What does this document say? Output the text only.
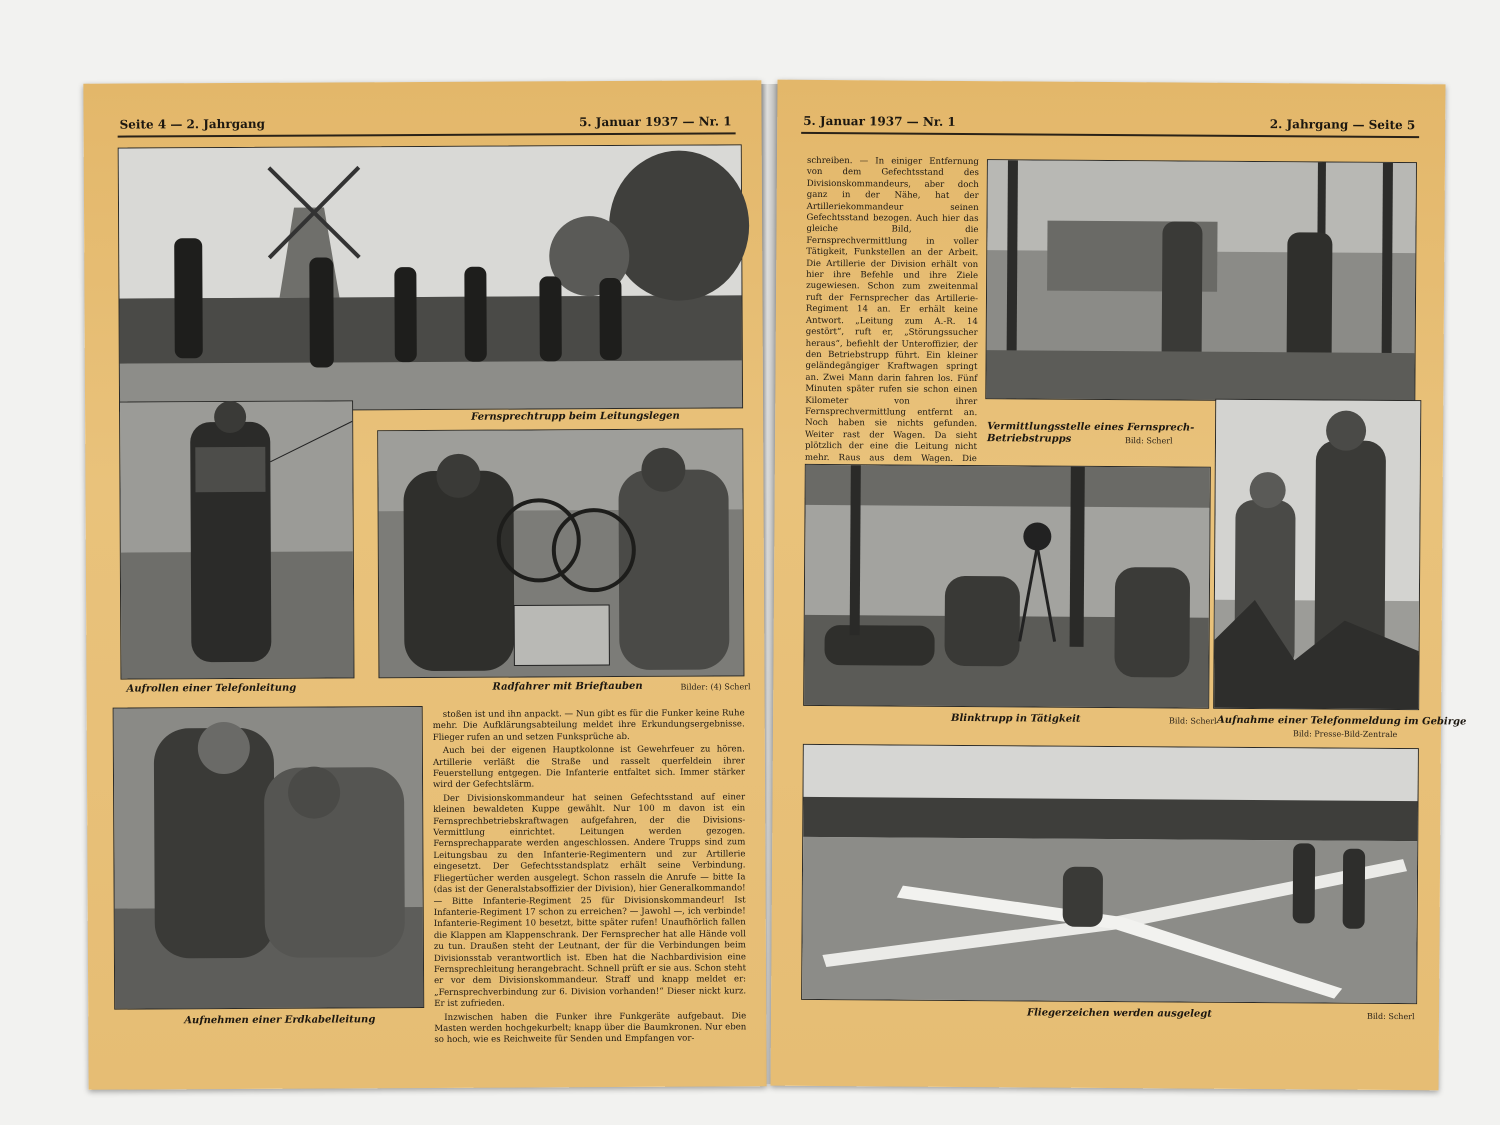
Seite 4 — 2. Jahrgang	5. Januar 1937 — Nr. 1
Fernsprechtrupp beim Leitungslegen
Aufrollen einer Telefonleitung	Radfahrer mit Brieftauben	Bilder: (4) Scherl
Aufnehmen einer Erdkabelleitung

stoßen ist und ihn anpackt. — Nun gibt es für die Funker keine Ruhe mehr. Die Aufklärungsabteilung meldet ihre Erkundungsergebnisse. Flieger rufen an und setzen Funksprüche ab.

Auch bei der eigenen Hauptkolonne ist Gewehrfeuer zu hören. Artillerie verläßt die Straße und rasselt querfeldein ihrer Feuerstellung entgegen. Die Infanterie entfaltet sich. Immer stärker wird der Gefechtslärm.

Der Divisionskommandeur hat seinen Gefechtsstand auf einer kleinen bewaldeten Kuppe gewählt. Nur 100 m davon ist ein Fernsprechbetriebskraftwagen aufgefahren, der die Divisions-Vermittlung einrichtet. Leitungen werden gezogen. Fernsprechapparate werden angeschlossen. Andere Trupps sind zum Leitungsbau zu den Infanterie-Regimentern und zur Artillerie eingesetzt. Der Gefechtsstandsplatz erhält seine Verbindung. Fliegertücher werden ausgelegt. Schon rasseln die Anrufe — bitte Ia (das ist der Generalstabsoffizier der Division), hier Generalkommando! — Bitte Infanterie-Regiment 25 für Divisionskommandeur! Ist Infanterie-Regiment 17 schon zu erreichen? — Jawohl —, ich verbinde! Infanterie-Regiment 10 besetzt, bitte später rufen! Unaufhörlich fallen die Klappen am Klappenschrank. Der Fernsprecher hat alle Hände voll zu tun. Draußen steht der Leutnant, der für die Verbindungen beim Divisionsstab verantwortlich ist. Eben hat die Nachbardivision eine Fernsprechleitung herangebracht. Schnell prüft er sie aus. Schon steht er vor dem Divisionskommandeur. Straff und knapp meldet er: „Fernsprechverbindung zur 6. Division vorhanden!“ Dieser nickt kurz. Er ist zufrieden.

Inzwischen haben die Funker ihre Funkgeräte aufgebaut. Die Masten werden hochgekurbelt; knapp über die Baumkronen. Nur eben so hoch, wie es Reichweite für Senden und Empfangen vor-

5. Januar 1937 — Nr. 1	2. Jahrgang — Seite 5

schreiben. — In einiger Entfernung von dem Gefechtsstand des Divisionskommandeurs, aber doch ganz in der Nähe, hat der Artilleriekommandeur seinen Gefechtsstand bezogen. Auch hier das gleiche Bild, die Fernsprechvermittlung in voller Tätigkeit, Funkstellen an der Arbeit. Die Artillerie der Division erhält von hier ihre Befehle und ihre Ziele zugewiesen. Schon zum zweitenmal ruft der Fernsprecher das Artillerie-Regiment 14 an. Er erhält keine Antwort. „Leitung zum A.-R. 14 gestört“, ruft er, „Störungssucher heraus“, befiehlt der Unteroffizier, der den Betriebstrupp führt. Ein kleiner geländegängiger Kraftwagen springt an. Zwei Mann darin fahren los. Fünf Minuten später rufen sie schon einen Kilometer von ihrer Fernsprechvermittlung entfernt an. Noch haben sie nichts gefunden. Weiter rast der Wagen. Da sieht plötzlich der eine die Leitung nicht mehr. Raus aus dem Wagen. Die

Vermittlungsstelle eines Fernsprech-
Betriebstrupps	Bild: Scherl
Blinktrupp in Tätigkeit	Bild: Scherl Aufnahme einer Telefonmeldung im Gebirge
Bild: Presse-Bild-Zentrale
Fliegerzeichen werden ausgelegt	Bild: Scherl
